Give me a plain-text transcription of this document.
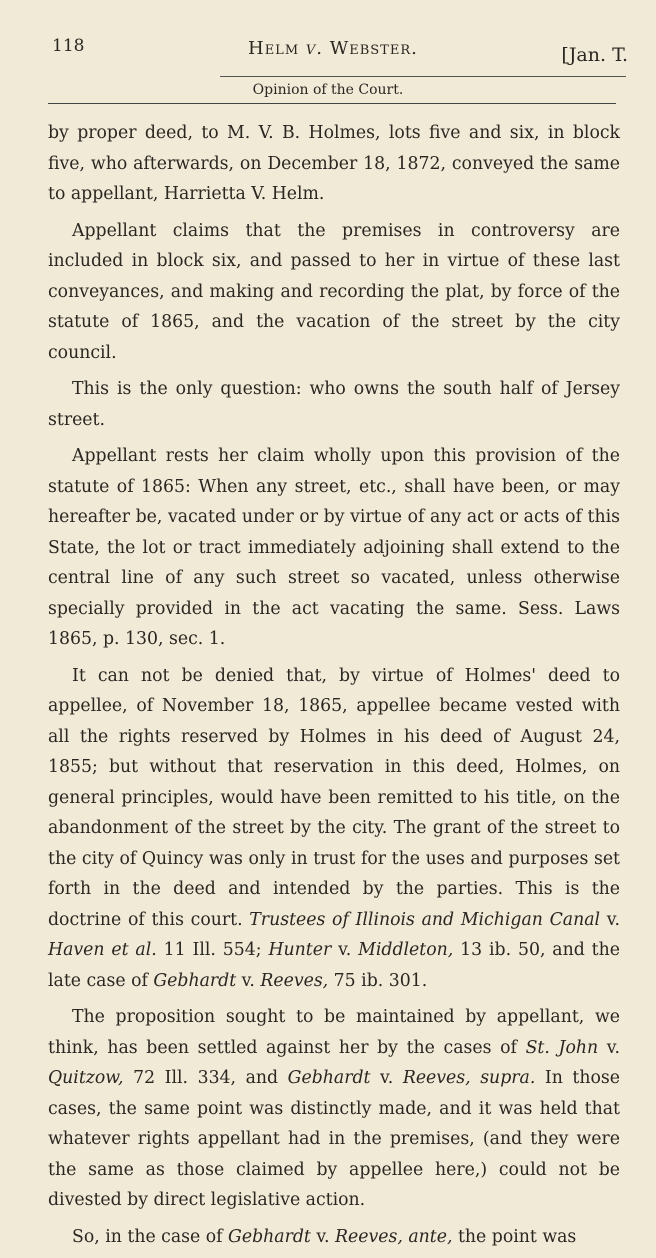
118	Helm v. Webster.	[Jan. T.
Opinion of the Court.

by proper deed, to M. V. B. Holmes, lots five and six, in block five, who afterwards, on December 18, 1872, conveyed the same to appellant, Harrietta V. Helm.

Appellant claims that the premises in controversy are included in block six, and passed to her in virtue of these last conveyances, and making and recording the plat, by force of the statute of 1865, and the vacation of the street by the city council.

This is the only question: who owns the south half of Jersey street.

Appellant rests her claim wholly upon this provision of the statute of 1865: When any street, etc., shall have been, or may hereafter be, vacated under or by virtue of any act or acts of this State, the lot or tract immediately adjoining shall extend to the central line of any such street so vacated, unless otherwise specially provided in the act vacating the same. Sess. Laws 1865, p. 130, sec. 1.

It can not be denied that, by virtue of Holmes' deed to appellee, of November 18, 1865, appellee became vested with all the rights reserved by Holmes in his deed of August 24, 1855; but without that reservation in this deed, Holmes, on general principles, would have been remitted to his title, on the abandonment of the street by the city. The grant of the street to the city of Quincy was only in trust for the uses and purposes set forth in the deed and intended by the parties. This is the doctrine of this court. Trustees of Illinois and Michigan Canal v. Haven et al. 11 Ill. 554; Hunter v. Middleton, 13 ib. 50, and the late case of Gebhardt v. Reeves, 75 ib. 301.

The proposition sought to be maintained by appellant, we think, has been settled against her by the cases of St. John v. Quitzow, 72 Ill. 334, and Gebhardt v. Reeves, supra. In those cases, the same point was distinctly made, and it was held that whatever rights appellant had in the premises, (and they were the same as those claimed by appellee here,) could not be divested by direct legislative action.

So, in the case of Gebhardt v. Reeves, ante, the point was
